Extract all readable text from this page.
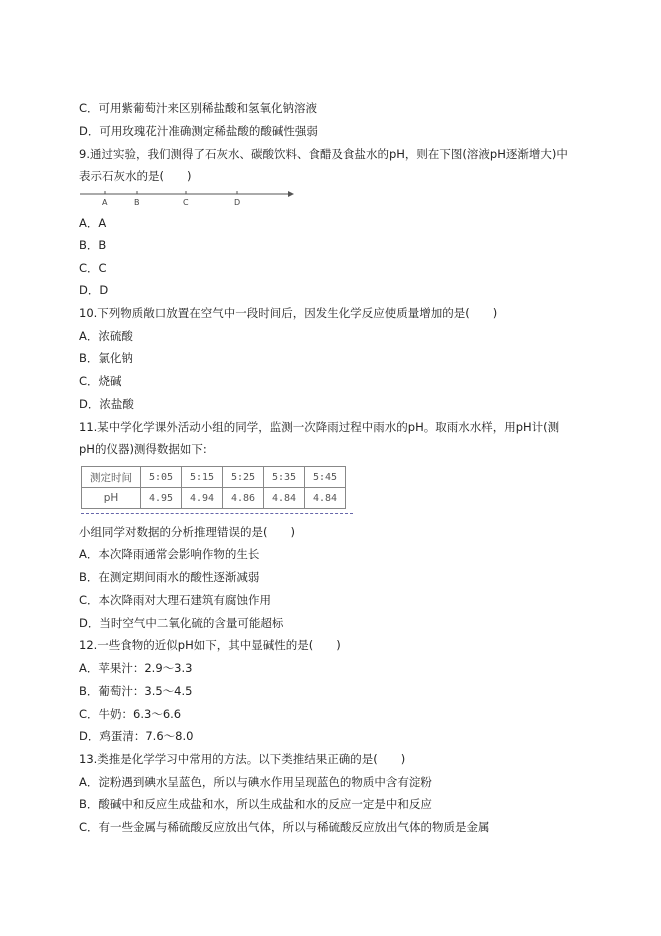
C．可用紫葡萄汁来区别稀盐酸和氢氧化钠溶液
D．可用玫瑰花汁准确测定稀盐酸的酸碱性强弱
9.通过实验，我们测得了石灰水、碳酸饮料、食醋及食盐水的pH，则在下图(溶液pH逐渐增大)中
表示石灰水的是(　　)
A	B	C	D
A．A
B．B
C．C
D．D
10.下列物质敞口放置在空气中一段时间后，因发生化学反应使质量增加的是(　　)
A．浓硫酸
B．氯化钠
C．烧碱
D．浓盐酸
11.某中学化学课外活动小组的同学，监测一次降雨过程中雨水的pH。取雨水水样，用pH计(测
pH的仪器)测得数据如下:
测定时间	5:05	5:15	5:25	5:35	5:45
pH	4.95	4.94	4.86	4.84	4.84
小组同学对数据的分析推理错误的是(　　)
A．本次降雨通常会影响作物的生长
B．在测定期间雨水的酸性逐渐减弱
C．本次降雨对大理石建筑有腐蚀作用
D．当时空气中二氧化硫的含量可能超标
12.一些食物的近似pH如下，其中显碱性的是(　　)
A．苹果汁：2.9～3.3
B．葡萄汁：3.5～4.5
C．牛奶：6.3～6.6
D．鸡蛋清：7.6～8.0
13.类推是化学学习中常用的方法。以下类推结果正确的是(　　)
A．淀粉遇到碘水呈蓝色，所以与碘水作用呈现蓝色的物质中含有淀粉
B．酸碱中和反应生成盐和水，所以生成盐和水的反应一定是中和反应
C．有一些金属与稀硫酸反应放出气体，所以与稀硫酸反应放出气体的物质是金属
